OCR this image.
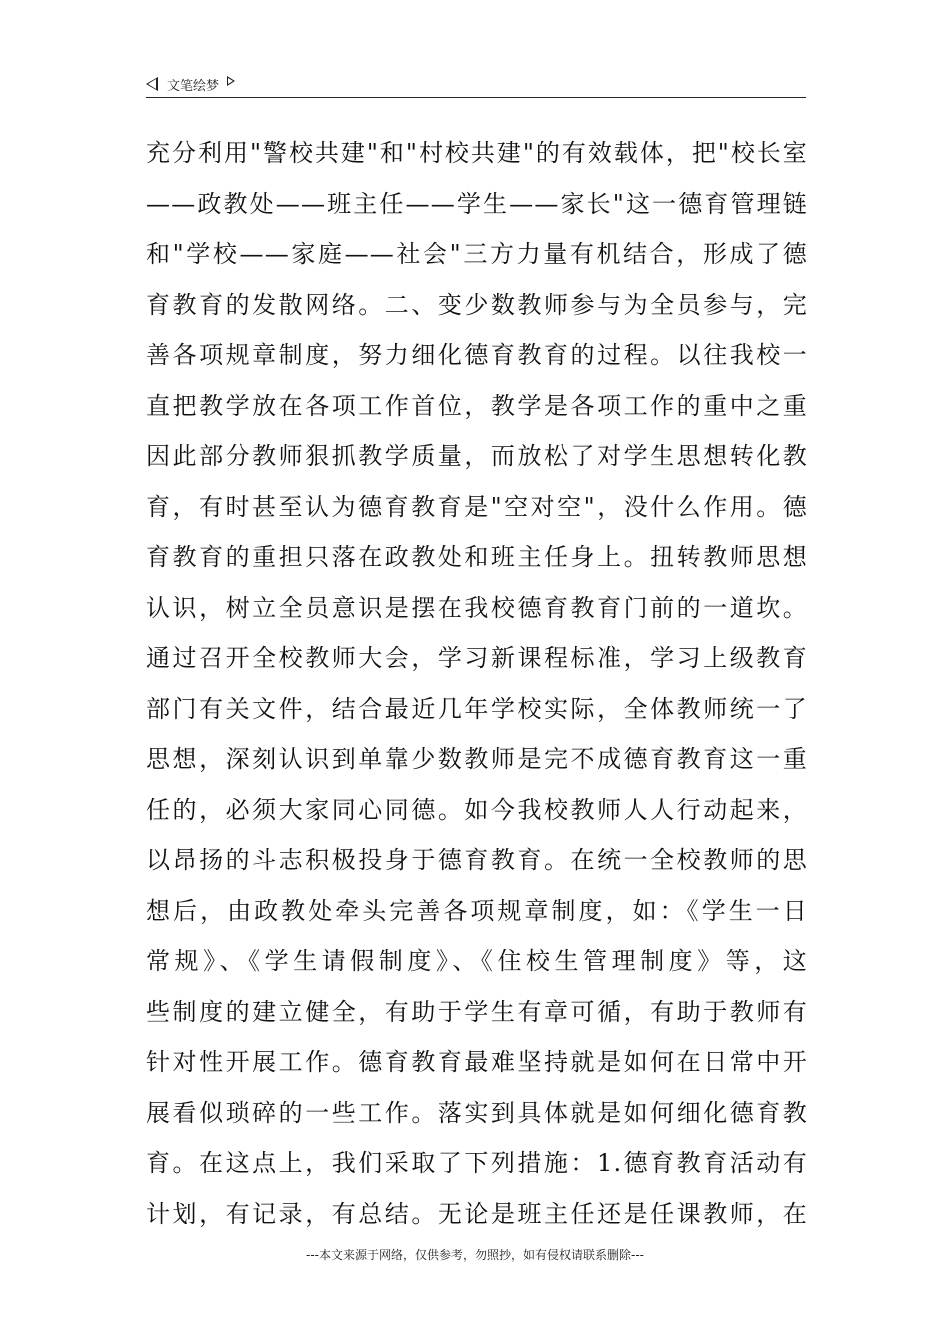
文笔绘梦
充分利用"警校共建"和"村校共建"的有效载体，把"校长室
——政教处——班主任——学生——家长"这一德育管理链
和"学校——家庭——社会"三方力量有机结合，形成了德
育教育的发散网络。二、变少数教师参与为全员参与，完
善各项规章制度，努力细化德育教育的过程。以往我校一
直把教学放在各项工作首位，教学是各项工作的重中之重
因此部分教师狠抓教学质量，而放松了对学生思想转化教
育，有时甚至认为德育教育是"空对空"，没什么作用。德
育教育的重担只落在政教处和班主任身上。扭转教师思想
认识，树立全员意识是摆在我校德育教育门前的一道坎。
通过召开全校教师大会，学习新课程标准，学习上级教育
部门有关文件，结合最近几年学校实际，全体教师统一了
思想，深刻认识到单靠少数教师是完不成德育教育这一重
任的，必须大家同心同德。如今我校教师人人行动起来，
以昂扬的斗志积极投身于德育教育。在统一全校教师的思
想后，由政教处牵头完善各项规章制度，如：《学生一日
常规》、《学生请假制度》、《住校生管理制度》等，这
些制度的建立健全，有助于学生有章可循，有助于教师有
针对性开展工作。德育教育最难坚持就是如何在日常中开
展看似琐碎的一些工作。落实到具体就是如何细化德育教
育。在这点上，我们采取了下列措施：1.德育教育活动有
计划，有记录，有总结。无论是班主任还是任课教师，在
---本文来源于网络，仅供参考，勿照抄，如有侵权请联系删除---
